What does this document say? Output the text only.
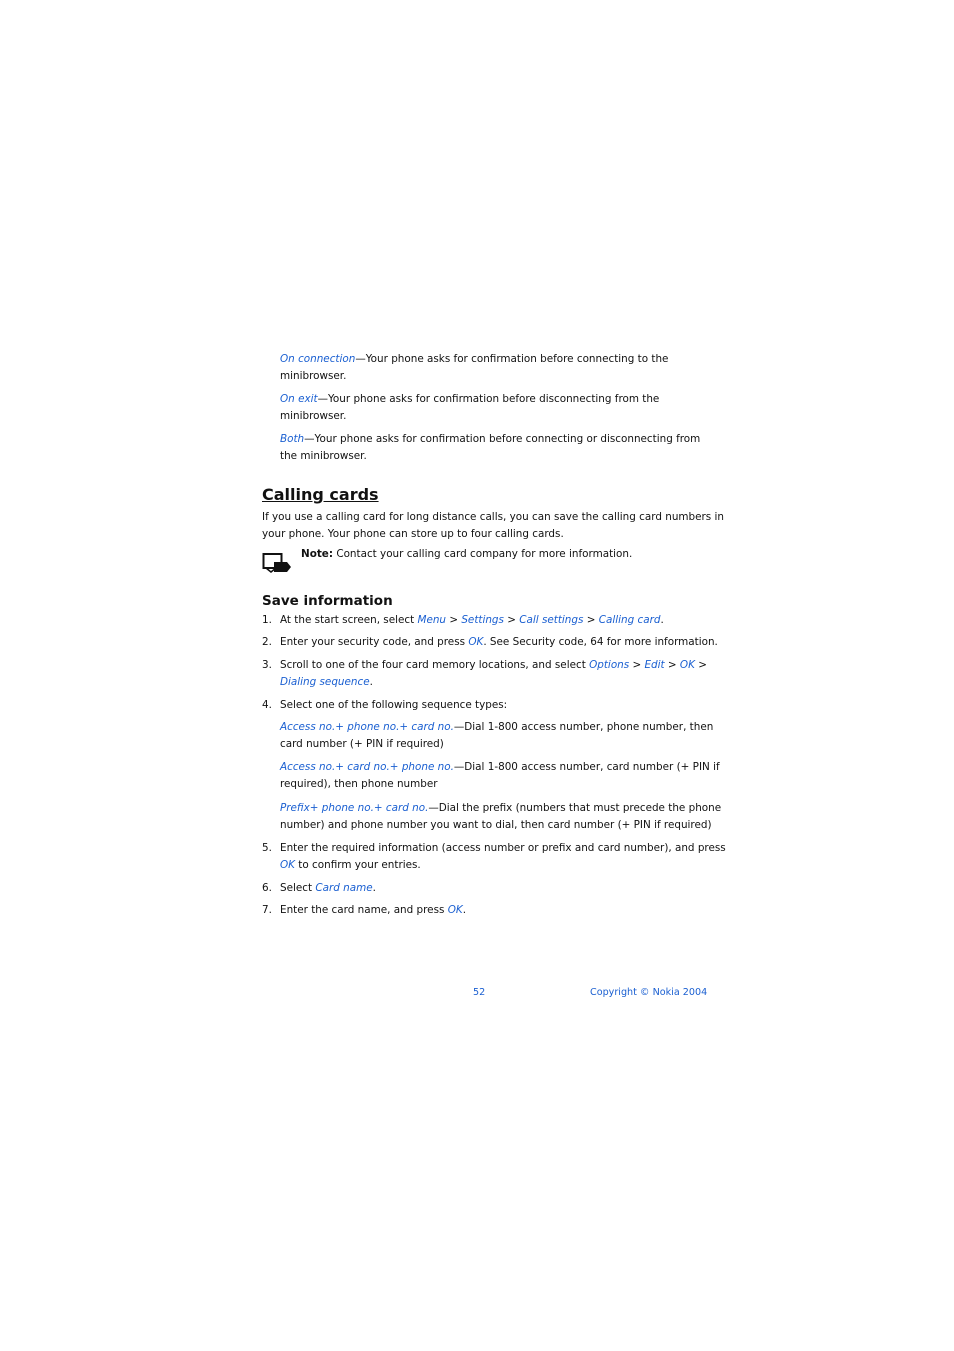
On connection—Your phone asks for confirmation before connecting to the
minibrowser.

On exit—Your phone asks for confirmation before disconnecting from the
minibrowser.

Both—Your phone asks for confirmation before connecting or disconnecting from
the minibrowser.

Calling cards

If you use a calling card for long distance calls, you can save the calling card numbers in
your phone. Your phone can store up to four calling cards.

Note: Contact your calling card company for more information.

Save information

1. At the start screen, select Menu > Settings > Call settings > Calling card.

2. Enter your security code, and press OK. See Security code, 64 for more information.

3. Scroll to one of the four card memory locations, and select Options > Edit > OK >
Dialing sequence.

4. Select one of the following sequence types:

Access no.+ phone no.+ card no.—Dial 1-800 access number, phone number, then
card number (+ PIN if required)

Access no.+ card no.+ phone no.—Dial 1-800 access number, card number (+ PIN if
required), then phone number

Prefix+ phone no.+ card no.—Dial the prefix (numbers that must precede the phone
number) and phone number you want to dial, then card number (+ PIN if required)

5. Enter the required information (access number or prefix and card number), and press
OK to confirm your entries.

6. Select Card name.

7. Enter the card name, and press OK.

52	Copyright © Nokia 2004
